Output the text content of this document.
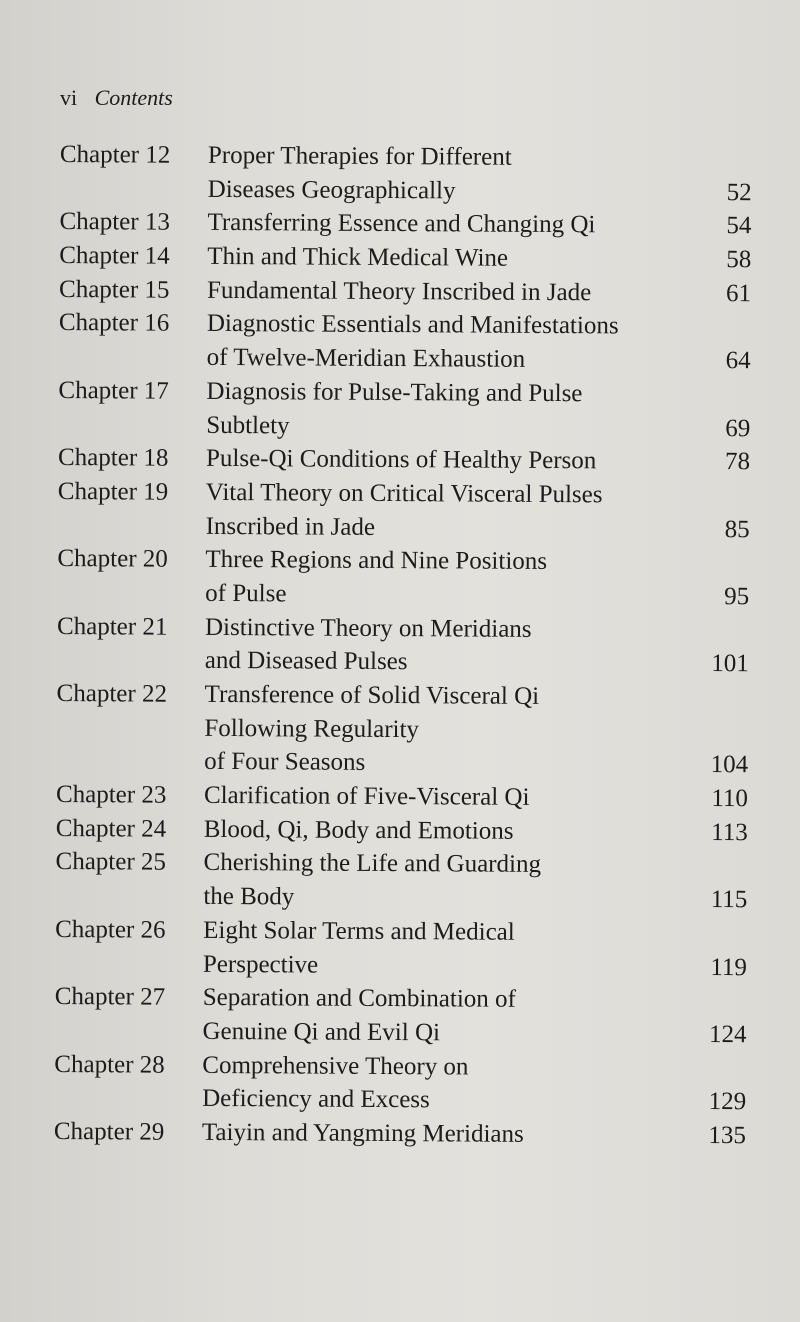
vi Contents
Chapter 12	Proper Therapies for Different
Diseases Geographically	52
Chapter 13	Transferring Essence and Changing Qi	54
Chapter 14	Thin and Thick Medical Wine	58
Chapter 15	Fundamental Theory Inscribed in Jade	61
Chapter 16	Diagnostic Essentials and Manifestations
of Twelve-Meridian Exhaustion	64
Chapter 17	Diagnosis for Pulse-Taking and Pulse
Subtlety	69
Chapter 18	Pulse-Qi Conditions of Healthy Person	78
Chapter 19	Vital Theory on Critical Visceral Pulses
Inscribed in Jade	85
Chapter 20	Three Regions and Nine Positions
of Pulse	95
Chapter 21	Distinctive Theory on Meridians
and Diseased Pulses	101
Chapter 22	Transference of Solid Visceral Qi
Following Regularity
of Four Seasons	104
Chapter 23	Clarification of Five-Visceral Qi	110
Chapter 24	Blood, Qi, Body and Emotions	113
Chapter 25	Cherishing the Life and Guarding
the Body	115
Chapter 26	Eight Solar Terms and Medical
Perspective	119
Chapter 27	Separation and Combination of
Genuine Qi and Evil Qi	124
Chapter 28	Comprehensive Theory on
Deficiency and Excess	129
Chapter 29	Taiyin and Yangming Meridians	135
